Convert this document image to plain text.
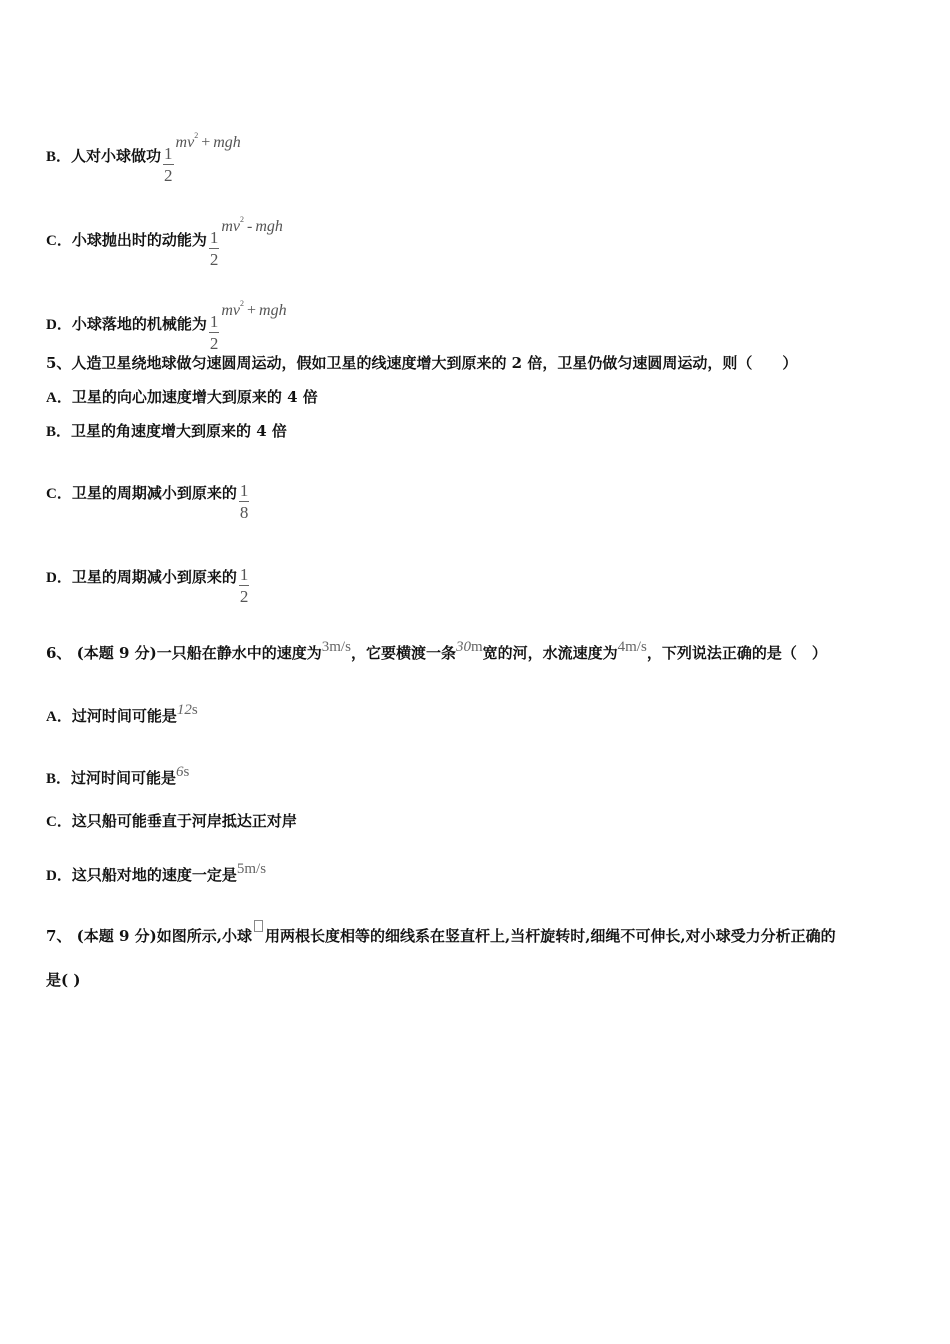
B．人对小球做功 $\frac{1}{2}$
$mv^2$ + mgh
C．小球抛出时的动能为 $\frac{1}{2}$
$mv^2$ - mgh
D．小球落地的机械能为 $\frac{1}{2}$
$mv^2$ + mgh
5、人造卫星绕地球做匀速圆周运动，假如卫星的线速度增大到原来的 2 倍，卫星仍做匀速圆周运动，则（　　）
A．卫星的向心加速度增大到原来的 4 倍
B．卫星的角速度增大到原来的 4 倍
C．卫星的周期减小到原来的 $\frac{1}{8}$
D．卫星的周期减小到原来的 $\frac{1}{2}$
6、 (本题 9 分)一只船在静水中的速度为3m/s，它要横渡一条30m宽的河，水流速度为4m/s，下列说法正确的是（　）
A．过河时间可能是12s
B．过河时间可能是6s
C．这只船可能垂直于河岸抵达正对岸
D．这只船对地的速度一定是5m/s
7、 (本题 9 分)如图所示,小球 用两根长度相等的细线系在竖直杆上,当杆旋转时,细绳不可伸长,对小球受力分析正确的
是( )
